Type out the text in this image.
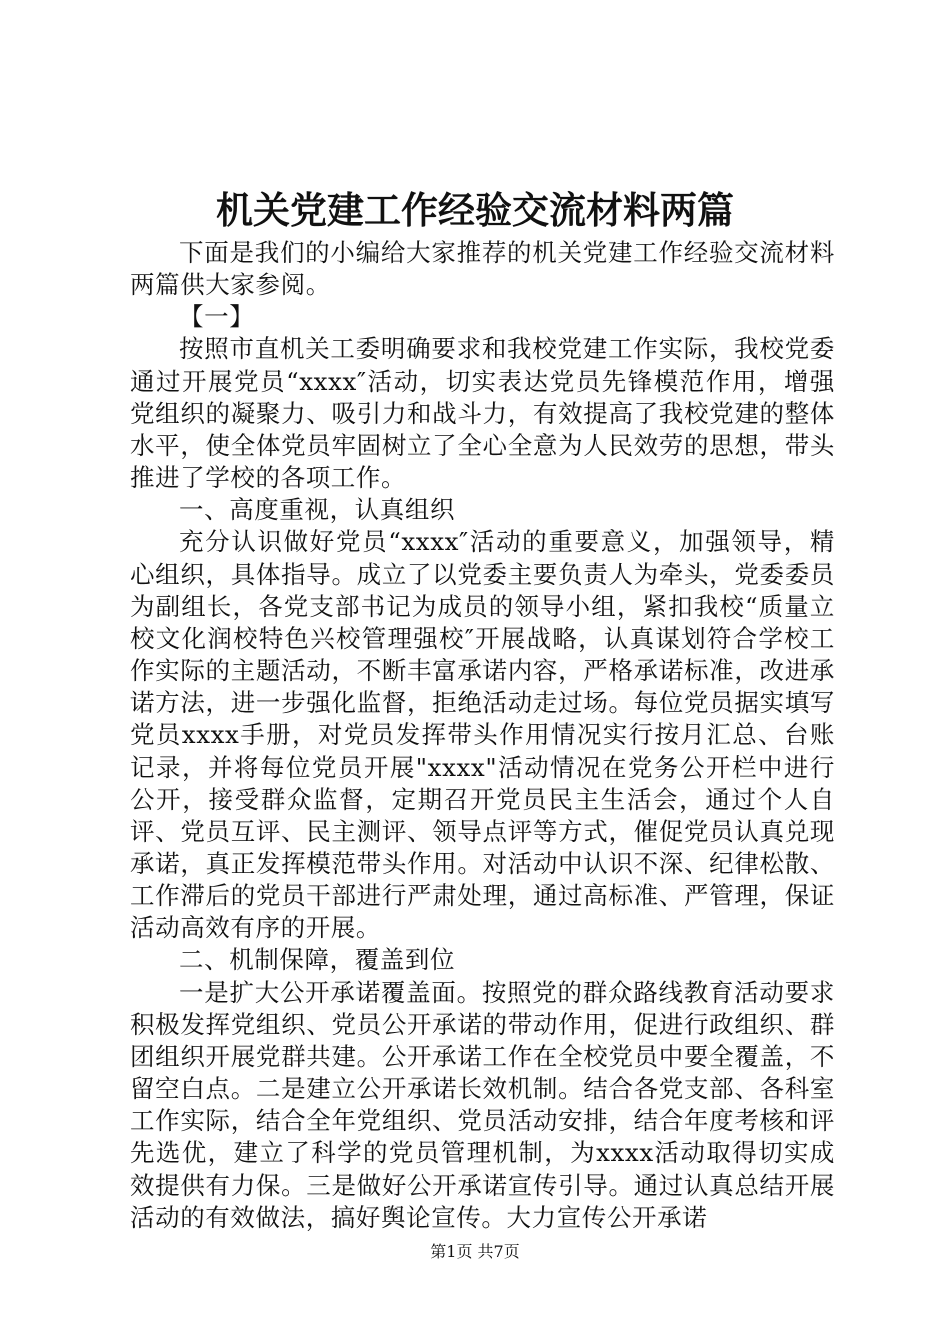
机关党建工作经验交流材料两篇

下面是我们的小编给大家推荐的机关党建工作经验交流材料两篇供大家参阅。

【一】

按照市直机关工委明确要求和我校党建工作实际，我校党委通过开展党员“xxxx″活动，切实表达党员先锋模范作用，增强党组织的凝聚力、吸引力和战斗力，有效提高了我校党建的整体水平，使全体党员牢固树立了全心全意为人民效劳的思想，带头推进了学校的各项工作。

一、高度重视，认真组织

充分认识做好党员“xxxx″活动的重要意义，加强领导，精心组织，具体指导。成立了以党委主要负责人为牵头，党委委员为副组长，各党支部书记为成员的领导小组，紧扣我校“质量立校文化润校特色兴校管理强校″开展战略，认真谋划符合学校工作实际的主题活动，不断丰富承诺内容，严格承诺标准，改进承诺方法，进一步强化监督，拒绝活动走过场。每位党员据实填写党员xxxx手册，对党员发挥带头作用情况实行按月汇总、台账记录，并将每位党员开展"xxxx"活动情况在党务公开栏中进行公开，接受群众监督，定期召开党员民主生活会，通过个人自评、党员互评、民主测评、领导点评等方式，催促党员认真兑现承诺，真正发挥模范带头作用。对活动中认识不深、纪律松散、工作滞后的党员干部进行严肃处理，通过高标准、严管理，保证活动高效有序的开展。

二、机制保障，覆盖到位

一是扩大公开承诺覆盖面。按照党的群众路线教育活动要求积极发挥党组织、党员公开承诺的带动作用，促进行政组织、群团组织开展党群共建。公开承诺工作在全校党员中要全覆盖，不留空白点。二是建立公开承诺长效机制。结合各党支部、各科室工作实际，结合全年党组织、党员活动安排，结合年度考核和评先选优，建立了科学的党员管理机制，为xxxx活动取得切实成效提供有力保。三是做好公开承诺宣传引导。通过认真总结开展活动的有效做法，搞好舆论宣传。大力宣传公开承诺

第1页 共7页
